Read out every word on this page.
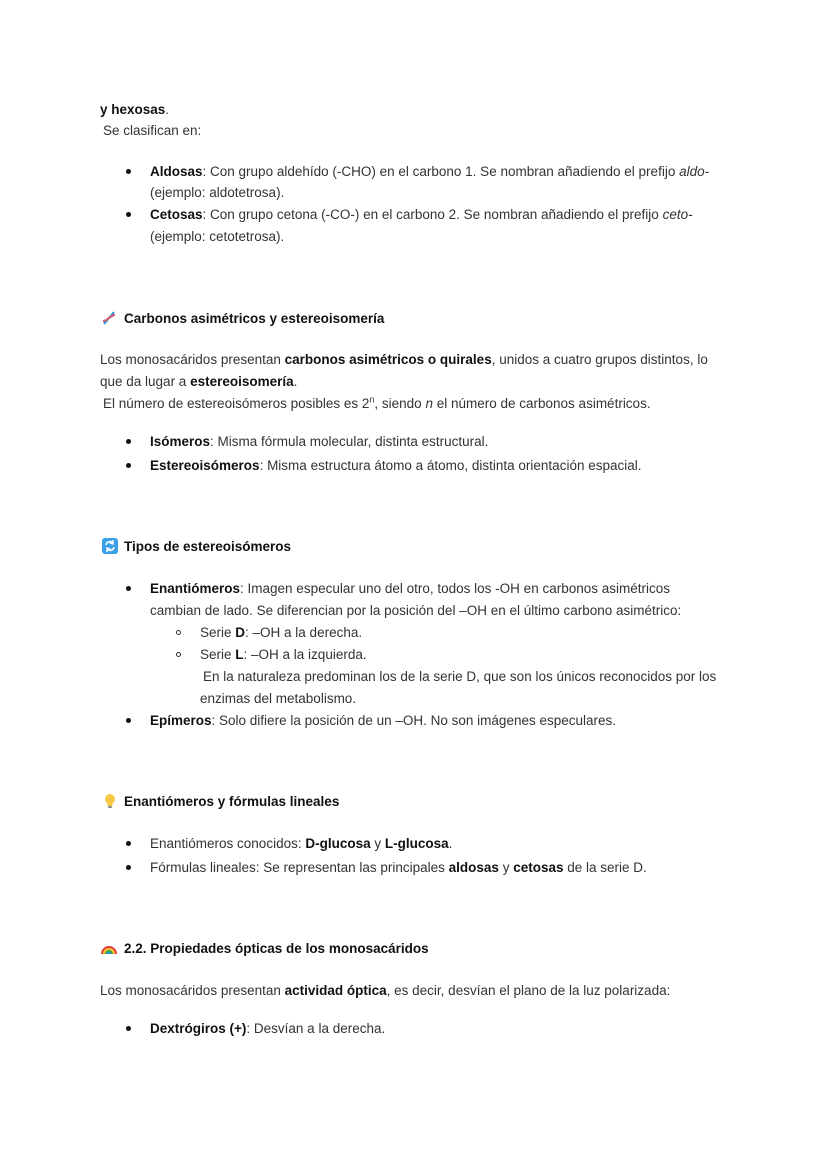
y hexosas.
Se clasifican en:
Aldosas: Con grupo aldehído (-CHO) en el carbono 1. Se nombran añadiendo el prefijo aldo-
(ejemplo: aldotetrosa).
Cetosas: Con grupo cetona (-CO-) en el carbono 2. Se nombran añadiendo el prefijo ceto-
(ejemplo: cetotetrosa).
Carbonos asimétricos y estereoisomería
Los monosacáridos presentan carbonos asimétricos o quirales, unidos a cuatro grupos distintos, lo
que da lugar a estereoisomería.
El número de estereoisómeros posibles es 2$^n$, siendo n el número de carbonos asimétricos.
Isómeros: Misma fórmula molecular, distinta estructural.
Estereoisómeros: Misma estructura átomo a átomo, distinta orientación espacial.
Tipos de estereoisómeros
Enantiómeros: Imagen especular uno del otro, todos los -OH en carbonos asimétricos
cambian de lado. Se diferencian por la posición del –OH en el último carbono asimétrico:
Serie D: –OH a la derecha.
Serie L: –OH a la izquierda.
En la naturaleza predominan los de la serie D, que son los únicos reconocidos por los
enzimas del metabolismo.
Epímeros: Solo difiere la posición de un –OH. No son imágenes especulares.
Enantiómeros y fórmulas lineales
Enantiómeros conocidos: D-glucosa y L-glucosa.
Fórmulas lineales: Se representan las principales aldosas y cetosas de la serie D.
2.2. Propiedades ópticas de los monosacáridos
Los monosacáridos presentan actividad óptica, es decir, desvían el plano de la luz polarizada:
Dextrógiros (+): Desvían a la derecha.
